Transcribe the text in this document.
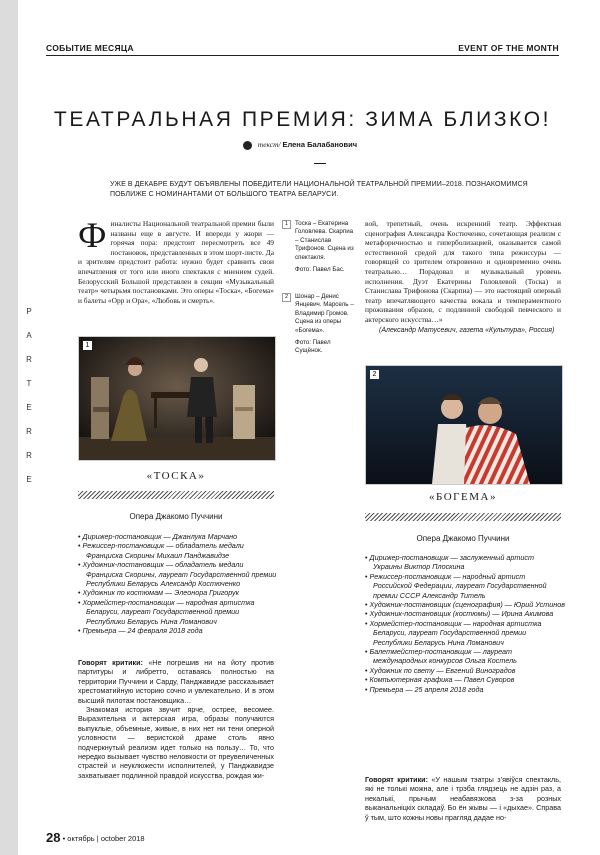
P
A
R
T
E
R
R
E
СОБЫТИЕ МЕСЯЦА	EVENT OF THE MONTH
ТЕАТРАЛЬНАЯ ПРЕМИЯ: ЗИМА БЛИЗКО!
текст/ Елена Балабанович
УЖЕ В ДЕКАБРЕ БУДУТ ОБЪЯВЛЕНЫ ПОБЕДИТЕЛИ НАЦИОНАЛЬНОЙ ТЕАТРАЛЬНОЙ ПРЕМИИ–2018. ПОЗНАКОМИМСЯ ПОБЛИЖЕ С НОМИНАНТАМИ ОТ БОЛЬШОГО ТЕАТРА БЕЛАРУСИ.
Финалисты Национальной театральной премии были названы еще в августе. И впереди у жюри — горячая пора: предстоит пересмотреть все 49 постановок, представленных в этом шорт-листе. Да и зрителям предстоит работа: нужно будет сравнить свои впечатления от того или иного спектакля с мнением судей. Белорусский Большой представлен в секции «Музыкальный театр» четырьмя постановками. Это оперы «Тоска», «Богема» и балеты «Орр и Ора», «Любовь и смерть».
1	Тоска – Екатерина Головлева. Скарпиа – Станислав Трифонов. Сцена из спектакля.
Фото: Павел Бас.
2	Шонар – Денис Янцевич. Марсель – Владимир Громов. Сцена из оперы «Богема».
Фото: Павел Сущёнок.
вой, трепетный, очень искренний театр. Эффектная сценография Александра Костюченко, сочетающая реализм с метафоричностью и гиперболизацией, оказывается самой естественной средой для такого типа режиссуры — говорящей со зрителем откровенно и одновременно очень театрально… Порадовал и музыкальный уровень исполнения. Дуэт Екатерины Головлевой (Тоска) и Станислава Трифонова (Скарпиа) — это настоящий оперный театр впечатляющего качества вокала и темпераментного проживания образов, с подлинной свободой певческого и актерского искусства…»
(Александр Матусевич, газета «Культура», Россия)
1
«ТОСКА»
Опера Джакомо Пуччини
• Дирижер-постановщик — Джанлука Марчано
• Режиссер-постановщик — обладатель медали Франциска Скорины Михаил Панджавидзе
• Художник-постановщик — обладатель медали Франциска Скорины, лауреат Государственной премии Республики Беларусь Александр Костюченко
• Художник по костюмам — Элеонора Григорук
• Хормейстер-постановщик — народная артистка Беларуси, лауреат Государственной премии Республики Беларусь Нина Ломанович
• Премьера — 24 февраля 2018 года
Говорят критики: «Не погрешив ни на йоту против партитуры и либретто, оставаясь полностью на территории Пуччини и Сарду, Панджавидзе рассказывает хрестоматийную историю сочно и увлекательно. И в этом высший пилотаж постановщика…
Знакомая история звучит ярче, острее, весомее. Выразительна и актерская игра, образы получаются выпуклые, объемные, живые, в них нет ни тени оперной условности — веристской драме столь явно подчеркнутый реализм идет только на пользу… То, что нередко вызывает чувство неловкости от преувеличенных страстей и неуклюжести исполнителей, у Панджавидзе захватывает подлинной правдой искусства, рождая жи-
2
«БОГЕМА»
Опера Джакомо Пуччини
• Дирижер-постановщик — заслуженный артист Украины Виктор Плоскина
• Режиссер-постановщик — народный артист Российской Федерации, лауреат Государственной премии СССР Александр Титель
• Художник-постановщик (сценография) — Юрий Устинов
• Художник-постановщик (костюмы) — Ирина Акимова
• Хормейстер-постановщик — народная артистка Беларуси, лауреат Государственной премии Республики Беларусь Нина Ломанович
• Балетмейстер-постановщик — лауреат международных конкурсов Ольга Костель
• Художник по свету — Евгений Виноградов
• Компьютерная графика — Павел Суворов
• Премьера — 25 апреля 2018 года
Говорят критики: «У нашым тэатры з’явіўся спектакль, які не толькі можна, але і трэба глядзець не адзін раз, а некалькі, прычым неабавязкова з-за розных выканальніцкіх складаў. Бо ён жывы — і «дыхае». Справа ў тым, што кожны новы прагляд дадае но-
28 • октябрь | october 2018
